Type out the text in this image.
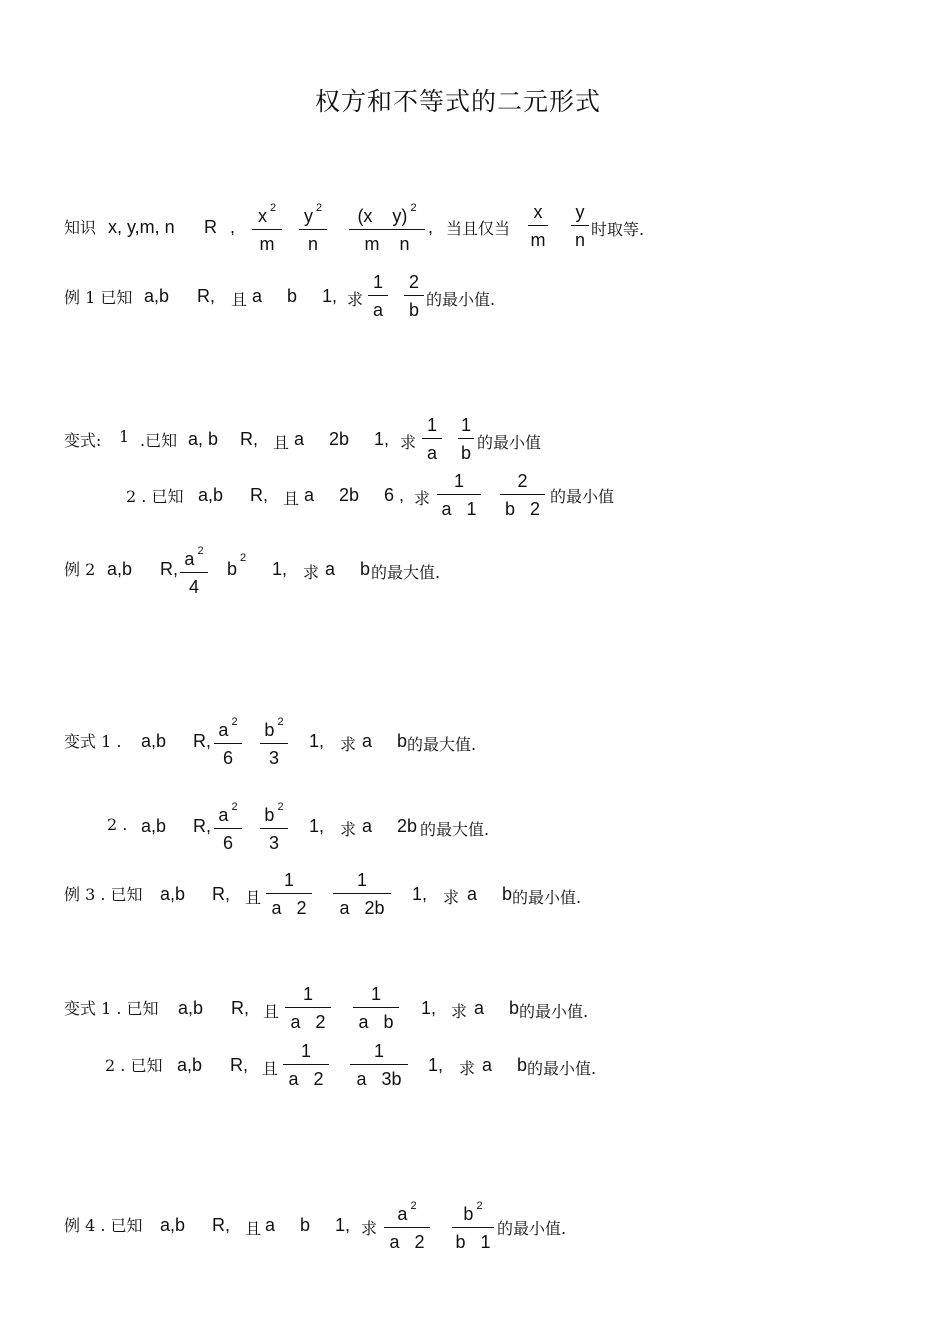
权方和不等式的二元形式
知识 x, y,m, n R ,
x $^2$
m
y $^2$
n
(x    y) $^2$
m    n
, 当且仅当
x
m
y
n
时取等.
例 1 已知 a,b R, 且 a     b     1, 求
1
a
2
b
的最小值.
变式: 1 .已知 a, b R, 且 a     2b     1, 求
1
a
1
b
的最小值
2 . 已知 a,b R, 且 a     2b     6 , 求
1
a   1
2
b   2
的最小值
例 2 a,b R, a $^2$
4
b
2
1, 求 a     b 的最大值.
变式 1 . a,b R,
a $^2$
6
b $^2$
3
1, 求 a     b 的最大值.
2 . a,b R,
a $^2$
6
b $^2$
3
1, 求 a     2b 的最大值.
例 3 . 已知 a,b R, 且
1
a   2
1
a   2b
1, 求 a     b 的最小值.
变式 1 . 已知 a,b R, 且
1
a   2
1
a   b
1, 求 a     b 的最小值.
2 . 已知 a,b R, 且
1
a   2
1
a   3b
1, 求 a     b 的最小值.
例 4 . 已知 a,b R, 且 a     b     1, 求
a $^2$
a   2
b $^2$
b   1
的最小值.
